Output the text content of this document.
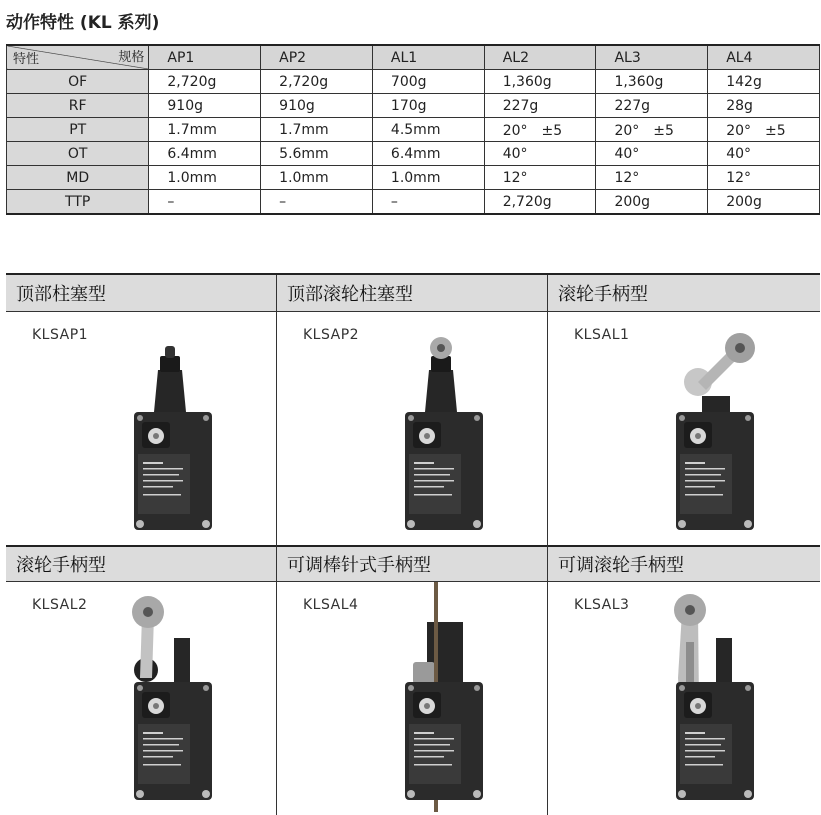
动作特性 (KL 系列)
特性 规格	AP1	AP2	AL1	AL2	AL3	AL4
OF	2,720g	2,720g	700g	1,360g	1,360g	142g
RF	910g	910g	170g	227g	227g	28g
PT	1.7mm	1.7mm	4.5mm	20°　±5	20°　±5	20°　±5
OT	6.4mm	5.6mm	6.4mm	40°	40°	40°
MD	1.0mm	1.0mm	1.0mm	12°	12°	12°
TTP	–	–	–	2,720g	200g	200g
顶部柱塞型
KLSAP1
顶部滚轮柱塞型
KLSAP2
滚轮手柄型
KLSAL1
滚轮手柄型
KLSAL2
可调棒针式手柄型
KLSAL4
可调滚轮手柄型
KLSAL3
